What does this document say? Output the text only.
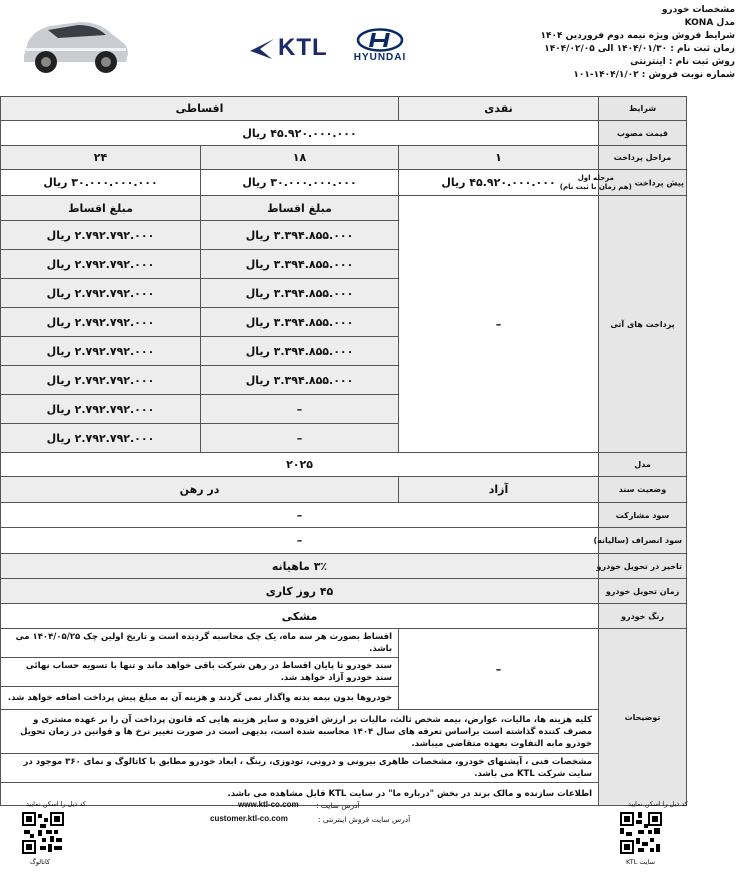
KTL	HYUNDAI
مشخصات خودرو
مدل KONA
شرایط فروش ویژه نیمه دوم فروردین ۱۴۰۴
زمان ثبت نام : ۱۴۰۴/۰۱/۳۰ الی ۱۴۰۴/۰۲/۰۵
روش ثبت نام : اینترنتی
شماره نوبت فروش : ۱۴۰۴/۱/۰۲-۱۰۱
شرایط	نقدی	اقساطی	
قیمت مصوب	۴۵.۹۲۰.۰۰۰.۰۰۰ ریال		
مراحل پرداخت	۱	۱۸	۲۴
پیش پرداخت مرحله اول
(هم زمان با ثبت نام)	۴۵.۹۲۰.۰۰۰.۰۰۰ ریال	۳۰.۰۰۰.۰۰۰.۰۰۰ ریال	۳۰.۰۰۰.۰۰۰.۰۰۰ ریال
پرداخت های آتی	–	مبلغ اقساط	مبلغ اقساط
		۳.۳۹۴.۸۵۵.۰۰۰ ریال	۲.۷۹۲.۷۹۲.۰۰۰ ریال
		۳.۳۹۴.۸۵۵.۰۰۰ ریال	۲.۷۹۲.۷۹۲.۰۰۰ ریال
		۳.۳۹۴.۸۵۵.۰۰۰ ریال	۲.۷۹۲.۷۹۲.۰۰۰ ریال
		۳.۳۹۴.۸۵۵.۰۰۰ ریال	۲.۷۹۲.۷۹۲.۰۰۰ ریال
		۳.۳۹۴.۸۵۵.۰۰۰ ریال	۲.۷۹۲.۷۹۲.۰۰۰ ریال
		۳.۳۹۴.۸۵۵.۰۰۰ ریال	۲.۷۹۲.۷۹۲.۰۰۰ ریال
		–	۲.۷۹۲.۷۹۲.۰۰۰ ریال
		–	۲.۷۹۲.۷۹۲.۰۰۰ ریال
مدل	۲۰۲۵		
وضعیت سند	آزاد	در رهن	
سود مشارکت	–		
سود انصراف (سالیانه)	–		
تاخیر در تحویل خودرو	۳٪ ماهیانه		
زمان تحویل خودرو	۴۵ روز کاری		
رنگ خودرو	مشکی		
توضیحات	–	اقساط بصورت هر سه ماه، یک چک محاسبه گردیده است و تاریخ اولین چک ۱۴۰۴/۰۵/۲۵ می باشد.	
		سند خودرو تا پایان اقساط در رهن شرکت باقی خواهد ماند و تنها با تسویه حساب نهائی سند خودرو آزاد خواهد شد.	
		خودروها بدون بیمه بدنه واگذار نمی گردند و هزینه آن به مبلغ پیش پرداخت اضافه خواهد شد.	
	کلیه هزینه ها، مالیات، عوارض، بیمه شخص ثالث، مالیات بر ارزش افزوده و سایر هزینه هایی که قانون پرداخت آن را بر عهده مشتری و مصرف کننده گذاشته است براساس تعرفه های سال ۱۴۰۴ محاسبه شده است، بدیهی است در صورت تغییر نرخ ها و قوانین در زمان تحویل خودرو مابه التفاوت بعهده متقاضی میباشد.		
	مشخصات فنی ، آپشنهای خودرو، مشخصات ظاهری بیرونی و درونی، تودوزی، رینگ ، ابعاد خودرو مطابق با کاتالوگ و نمای ۳۶۰ موجود در سایت شرکت KTL می باشد.		
	اطلاعات سازنده و مالک برند در بخش "درباره ما" در سایت KTL قابل مشاهده می باشد.		
کد ذیل را اسکن نمایید
کاتالوگ
www.ktl-co.com آدرس سایت :
customer.ktl-co.com	آدرس سایت فروش اینترنتی :
کد ذیل را اسکن نمایید
سایت KTL
